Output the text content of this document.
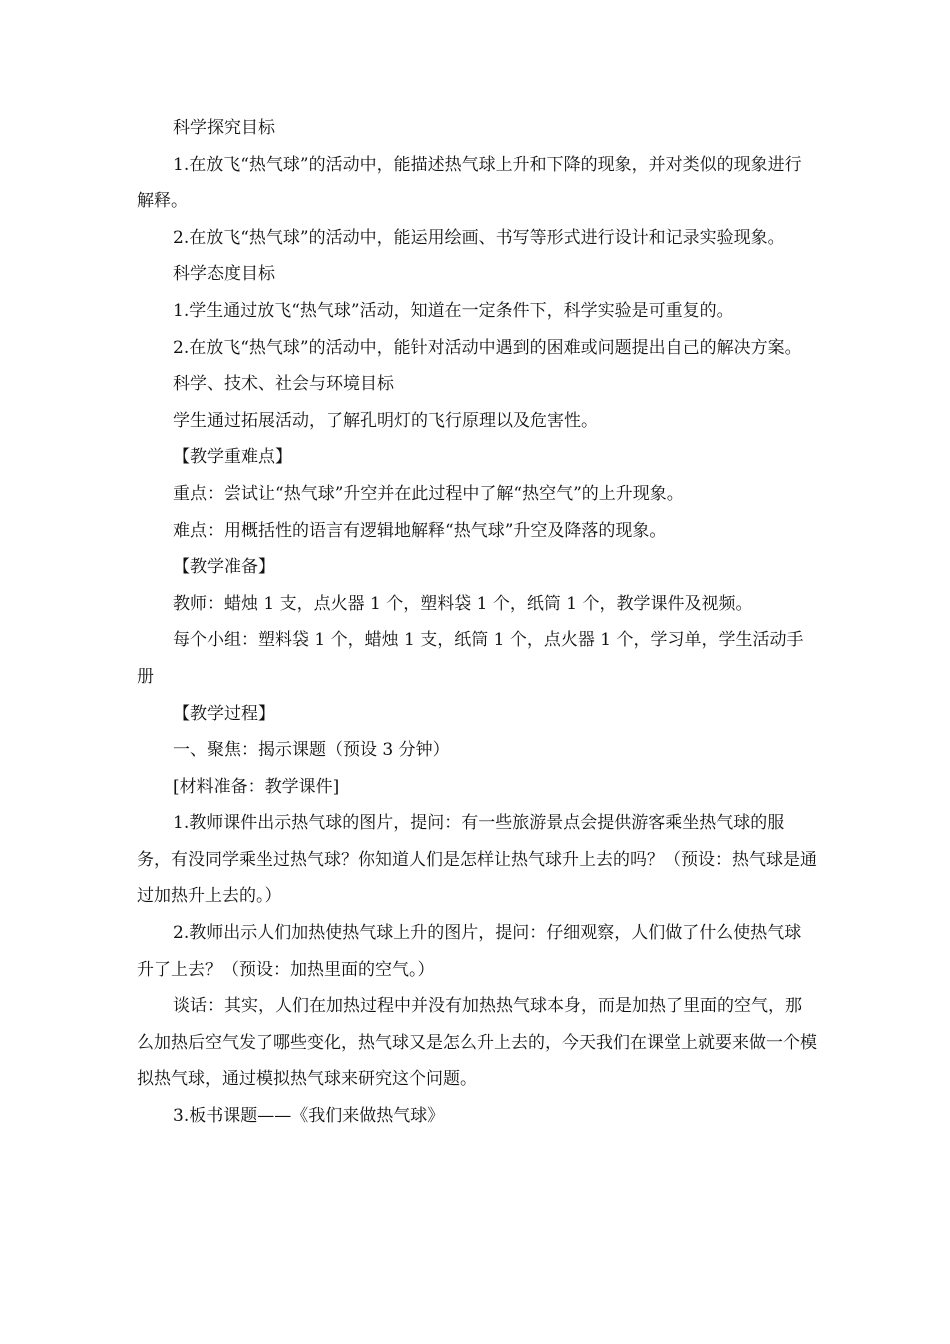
科学探究目标

1.在放飞“热气球”的活动中，能描述热气球上升和下降的现象，并对类似的现象进行解释。

2.在放飞“热气球”的活动中，能运用绘画、书写等形式进行设计和记录实验现象。

科学态度目标

1.学生通过放飞“热气球”活动，知道在一定条件下，科学实验是可重复的。

2.在放飞“热气球”的活动中，能针对活动中遇到的困难或问题提出自己的解决方案。

科学、技术、社会与环境目标

学生通过拓展活动，了解孔明灯的飞行原理以及危害性。

【教学重难点】

重点：尝试让“热气球”升空并在此过程中了解“热空气”的上升现象。

难点：用概括性的语言有逻辑地解释“热气球”升空及降落的现象。

【教学准备】

教师：蜡烛 1 支，点火器 1 个，塑料袋 1 个，纸筒 1 个，教学课件及视频。

每个小组：塑料袋 1 个，蜡烛 1 支，纸筒 1 个，点火器 1 个，学习单，学生活动手册

【教学过程】

一、聚焦：揭示课题（预设 3 分钟）

[材料准备：教学课件]

1.教师课件出示热气球的图片，提问：有一些旅游景点会提供游客乘坐热气球的服务，有没同学乘坐过热气球？你知道人们是怎样让热气球升上去的吗？（预设：热气球是通过加热升上去的。）

2.教师出示人们加热使热气球上升的图片，提问：仔细观察，人们做了什么使热气球升了上去？（预设：加热里面的空气。）

谈话：其实，人们在加热过程中并没有加热热气球本身，而是加热了里面的空气，那么加热后空气发了哪些变化，热气球又是怎么升上去的，今天我们在课堂上就要来做一个模拟热气球，通过模拟热气球来研究这个问题。

3.板书课题——《我们来做热气球》
